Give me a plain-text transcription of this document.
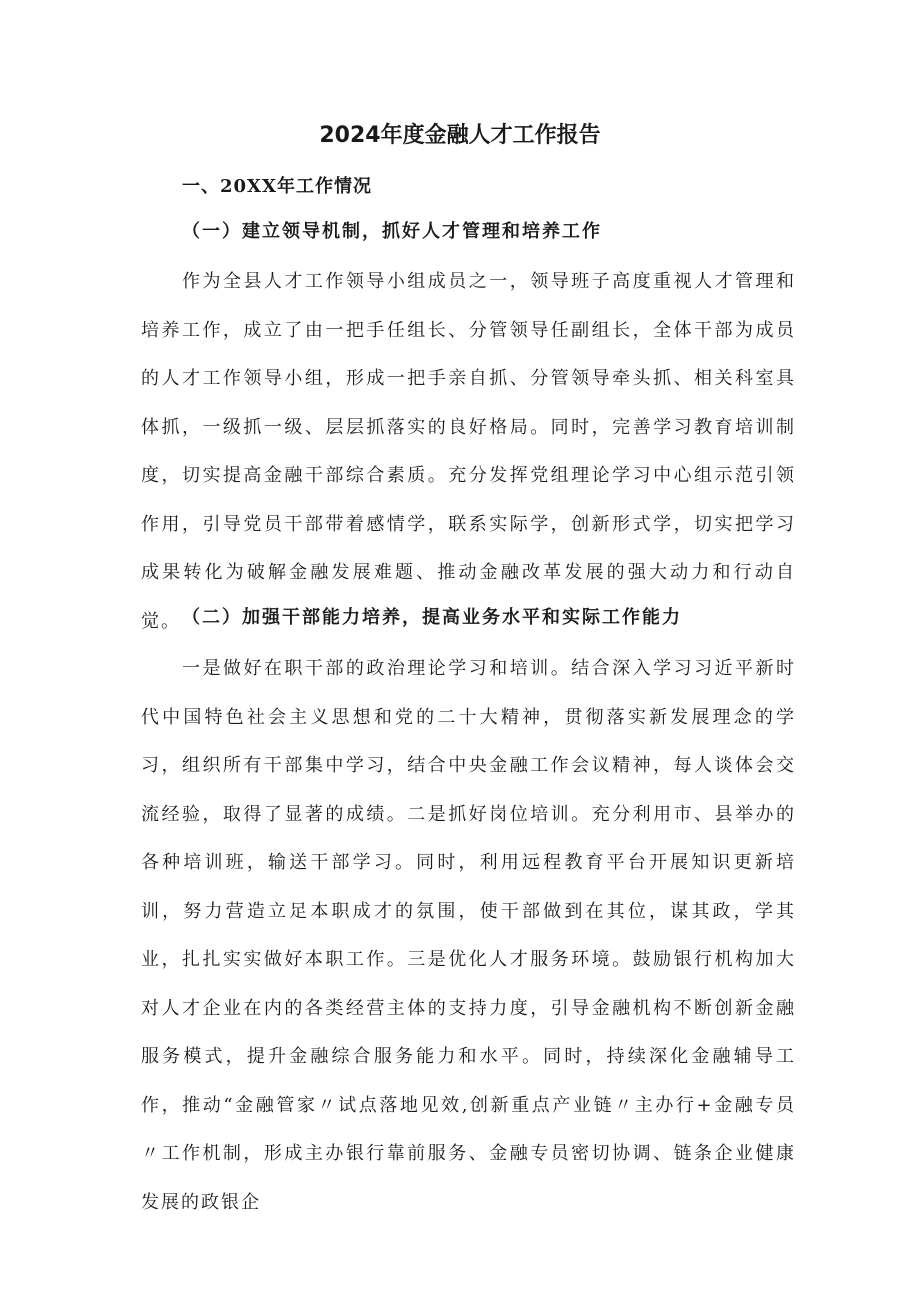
2024年度金融人才工作报告
一、20XX年工作情况
（一）建立领导机制，抓好人才管理和培养工作

作为全县人才工作领导小组成员之一，领导班子高度重视人才管理和培养工作，成立了由一把手任组长、分管领导任副组长，全体干部为成员的人才工作领导小组，形成一把手亲自抓、分管领导牵头抓、相关科室具体抓，一级抓一级、层层抓落实的良好格局。同时，完善学习教育培训制度，切实提高金融干部综合素质。充分发挥党组理论学习中心组示范引领作用，引导党员干部带着感情学，联系实际学，创新形式学，切实把学习成果转化为破解金融发展难题、推动金融改革发展的强大动力和行动自觉。 （二）加强干部能力培养，提高业务水平和实际工作能力

一是做好在职干部的政治理论学习和培训。结合深入学习习近平新时代中国特色社会主义思想和党的二十大精神，贯彻落实新发展理念的学习，组织所有干部集中学习，结合中央金融工作会议精神，每人谈体会交流经验，取得了显著的成绩。二是抓好岗位培训。充分利用市、县举办的各种培训班，输送干部学习。同时，利用远程教育平台开展知识更新培训，努力营造立足本职成才的氛围，使干部做到在其位，谋其政，学其业，扎扎实实做好本职工作。三是优化人才服务环境。鼓励银行机构加大对人才企业在内的各类经营主体的支持力度，引导金融机构不断创新金融服务模式，提升金融综合服务能力和水平。同时，持续深化金融辅导工作，推动“金融管家〃试点落地见效,创新重点产业链〃主办行+金融专员〃工作机制，形成主办银行靠前服务、金融专员密切协调、链条企业健康发展的政银企
